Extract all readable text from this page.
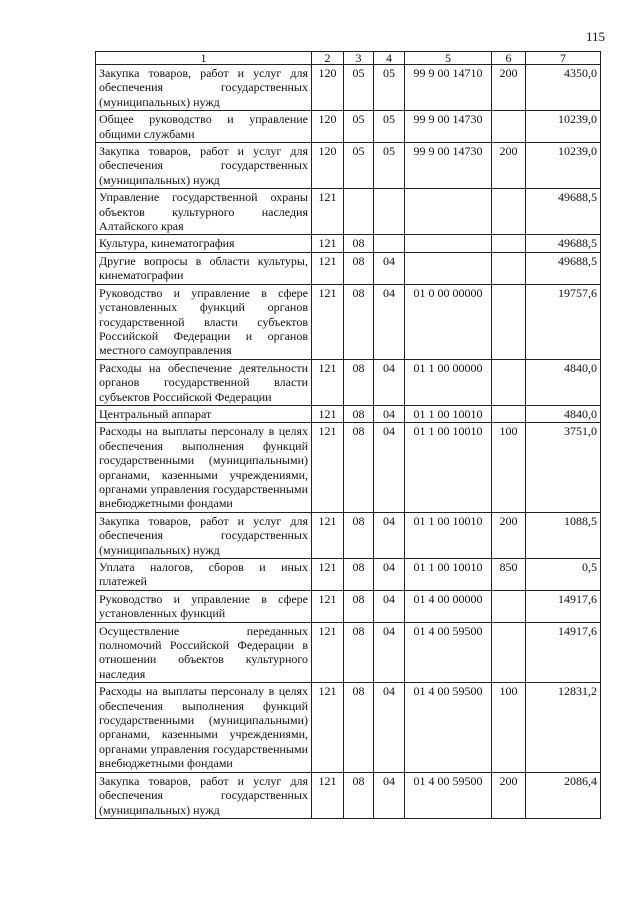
115
1	2	3	4	5	6	7
Закупка товаров, работ и услуг для обеспечения государственных (муниципальных) нужд	120	05	05	99 9 00 14710	200	4350,0
Общее руководство и управление общими службами	120	05	05	99 9 00 14730		10239,0
Закупка товаров, работ и услуг для обеспечения государственных (муниципальных) нужд	120	05	05	99 9 00 14730	200	10239,0
Управление государственной охраны объектов культурного наследия Алтайского края	121					49688,5
Культура, кинематография	121	08				49688,5
Другие вопросы в области культуры, кинематографии	121	08	04			49688,5
Руководство и управление в сфере установленных функций органов государственной власти субъектов Российской Федерации и органов местного самоуправления	121	08	04	01 0 00 00000		19757,6
Расходы на обеспечение деятельности органов государственной власти субъектов Российской Федерации	121	08	04	01 1 00 00000		4840,0
Центральный аппарат	121	08	04	01 1 00 10010		4840,0
Расходы на выплаты персоналу в целях обеспечения выполнения функций государственными (муниципальными) органами, казенными учреждениями, органами управления государственными внебюджетными фондами	121	08	04	01 1 00 10010	100	3751,0
Закупка товаров, работ и услуг для обеспечения государственных (муниципальных) нужд	121	08	04	01 1 00 10010	200	1088,5
Уплата налогов, сборов и иных платежей	121	08	04	01 1 00 10010	850	0,5
Руководство и управление в сфере установленных функций	121	08	04	01 4 00 00000		14917,6
Осуществление переданных полномочий Российской Федерации в отношении объектов культурного наследия	121	08	04	01 4 00 59500		14917,6
Расходы на выплаты персоналу в целях обеспечения выполнения функций государственными (муниципальными) органами, казенными учреждениями, органами управления государственными внебюджетными фондами	121	08	04	01 4 00 59500	100	12831,2
Закупка товаров, работ и услуг для обеспечения государственных (муниципальных) нужд	121	08	04	01 4 00 59500	200	2086,4
